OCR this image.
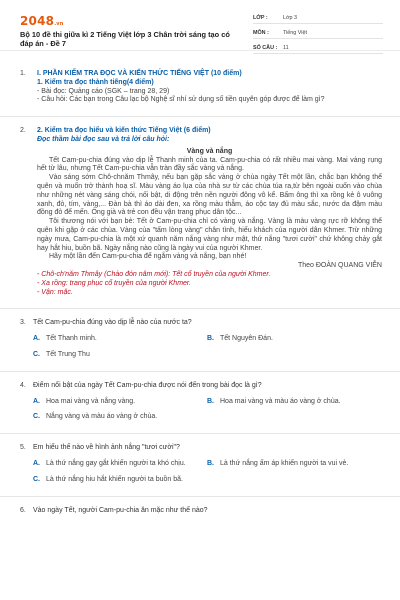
2048.vn
Bộ 10 đề thi giữa kì 2 Tiếng Việt lớp 3 Chân trời sáng tạo có đáp án - Đề 7
LỚP :	Lớp 3
MÔN :	Tiếng Việt
SỐ CÂU :	11
1. I. PHẦN KIỂM TRA ĐỌC VÀ KIẾN THỨC TIẾNG VIỆT (10 điểm)
1. Kiểm tra đọc thành tiếng(4 điểm)
- Bài đọc: Quảng cáo (SGK – trang 28, 29)
- Câu hỏi: Các bạn trong Câu lạc bộ Nghệ sĩ nhí sử dụng số tiền quyên góp được để làm gì?
2. 2. Kiểm tra đọc hiểu và kiến thức Tiếng Việt (6 điểm)
Đọc thầm bài đọc sau và trả lời câu hỏi:
Vàng và nắng

Tết Cam-pu-chia đúng vào dịp lễ Thanh minh của ta. Cam-pu-chia có rất nhiều mai vàng. Mai vàng rụng hết từ lâu, nhưng Tết Cam-pu-chia vẫn tràn đầy sắc vàng và nắng.

Vào sáng sớm Chô-chnăm Thmây, nếu bạn gặp sắc vàng ở chùa ngày Tết một lần, chắc bạn không thể quên và muốn trở thành hoạ sĩ. Màu vàng áo lụa của nhà sư từ các chùa túa ra,từ bên ngoài cuốn vào chùa như những nét vàng sáng chói, nối bật, di động trên nền người đông vô kể. Bấm ông thì xa rồng kẻ ô vuông xanh, đỏ, tím, vàng,... Đàn bà thì áo dài đen, xa rồng màu thẫm, áo cộc tay đủ màu sắc, nước da đậm màu đồng đỏ để mến. Ông già và trẻ con đều vận trang phục dân tộc...

Tôi thương nói với bạn bè: Tết ở Cam-pu-chia chỉ có vàng và nắng. Vàng là màu vàng rực rỡ không thể quên khi gặp ở các chùa. Vàng của "tấm lòng vàng" chân tình, hiếu khách của người dân Khmer. Trừ những ngày mưa, Cam-pu-chia là một xứ quanh năm nắng vàng như mật, thứ nắng "tươi cười" chứ không chảy gắt hay hắt hiu, buồn bã. Ngày nắng nào cũng là ngày vui của người Khmer.

Hãy một lần đến Cam-pu-chia để ngắm vàng và nắng, bạn nhé!

Theo ĐOÀN QUANG VIỄN

- Chô-ch'năm Thmây (Chào đón năm mới): Tết cổ truyền của người Khmer.
- Xa rồng: trang phục cổ truyền của người Khmer.
- Vận: mặc.
3. Tết Cam-pu-chia đúng vào dịp lễ nào của nước ta?
A. Tết Thanh minh.	B. Tết Nguyên Đán.
C. Tết Trung Thu
4. Điểm nổi bật của ngày Tết Cam-pu-chia được nói đến trong bài đọc là gì?
A. Hoa mai vàng và nắng vàng.	B. Hoa mai vàng và màu áo vàng ở chùa.
C. Nắng vàng và màu áo vàng ở chùa.
5. Em hiểu thế nào về hình ảnh nắng "tươi cười"?
A. Là thứ nắng gay gắt khiến người ta khó chịu.	B. Là thứ nắng ấm áp khiến người ta vui vẻ.
C. Là thứ nắng hiu hắt khiến người ta buồn bã.
6. Vào ngày Tết, người Cam-pu-chia ăn mặc như thế nào?
